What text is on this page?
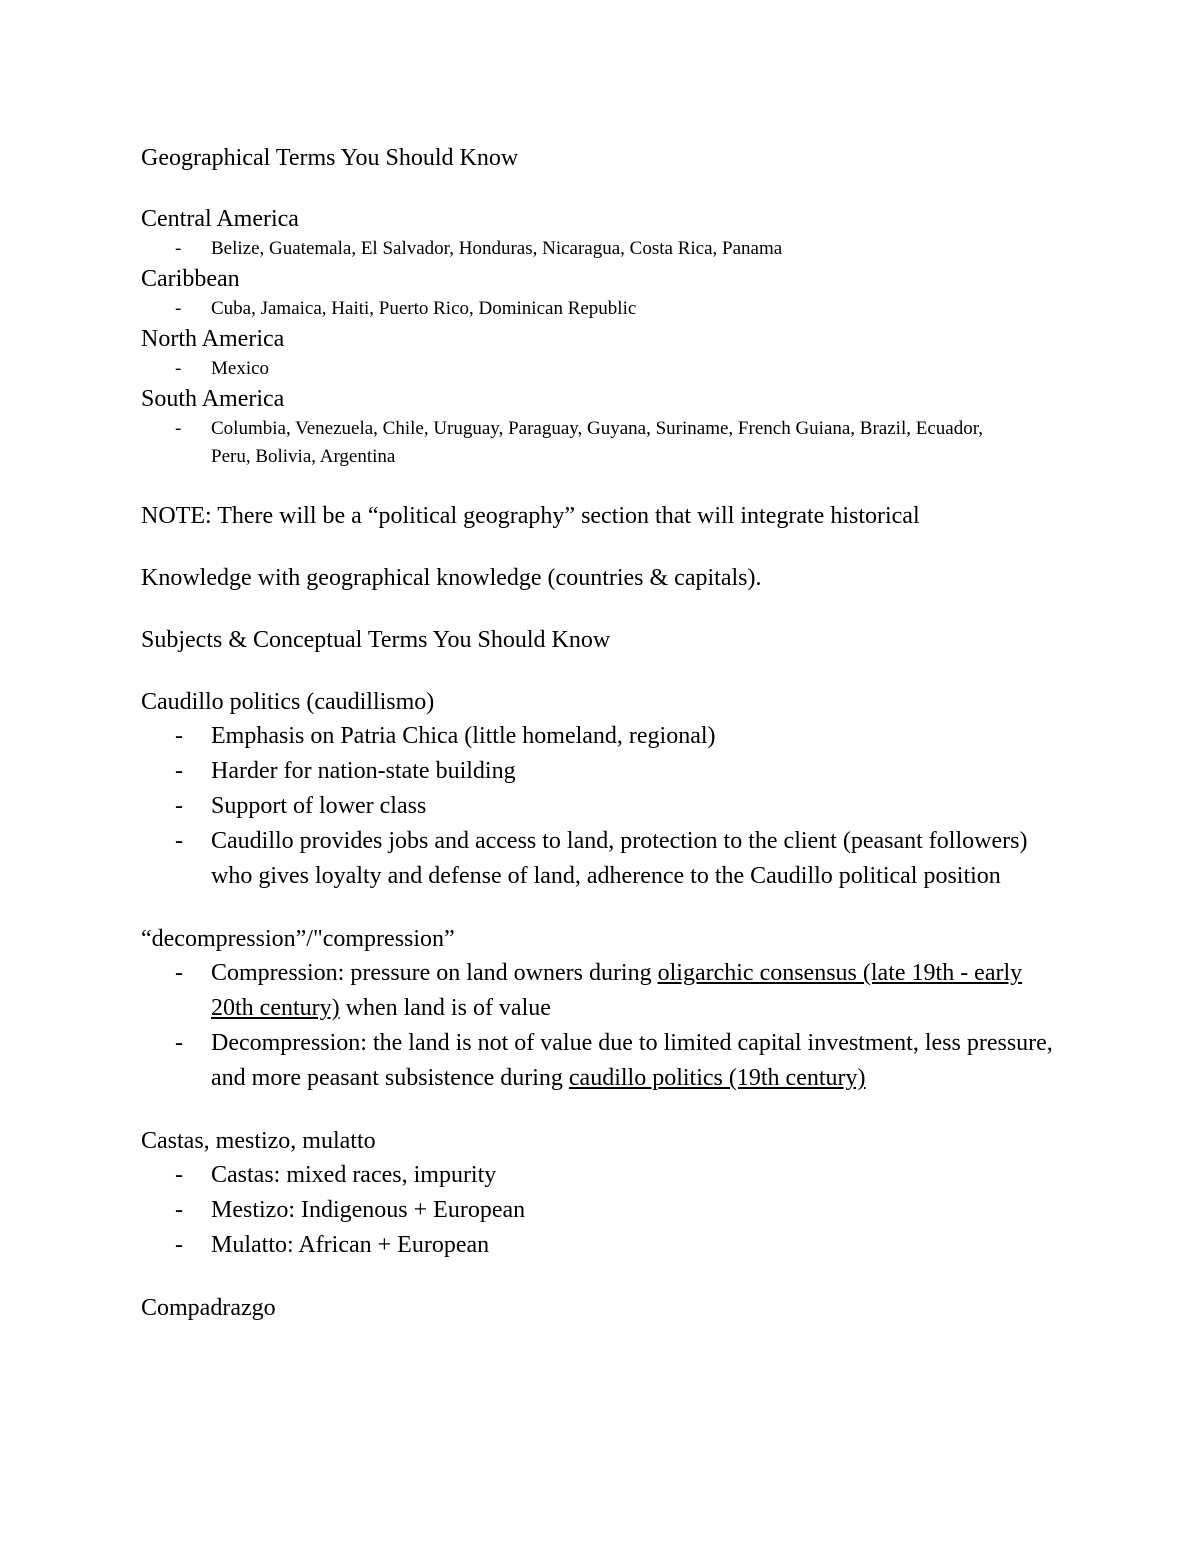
Geographical Terms You Should Know
Central America
- Belize, Guatemala, El Salvador, Honduras, Nicaragua, Costa Rica, Panama
Caribbean
- Cuba, Jamaica, Haiti, Puerto Rico, Dominican Republic
North America
- Mexico
South America
- Columbia, Venezuela, Chile, Uruguay, Paraguay, Guyana, Suriname, French Guiana, Brazil, Ecuador, Peru, Bolivia, Argentina
NOTE: There will be a “political geography” section that will integrate historical
Knowledge with geographical knowledge (countries & capitals).
Subjects & Conceptual Terms You Should Know
Caudillo politics (caudillismo)
- Emphasis on Patria Chica (little homeland, regional)
- Harder for nation-state building
- Support of lower class
- Caudillo provides jobs and access to land, protection to the client (peasant followers) who gives loyalty and defense of land, adherence to the Caudillo political position
“decompression”/"compression”
- Compression: pressure on land owners during oligarchic consensus (late 19th - early 20th century) when land is of value
- Decompression: the land is not of value due to limited capital investment, less pressure, and more peasant subsistence during caudillo politics (19th century)
Castas, mestizo, mulatto
- Castas: mixed races, impurity
- Mestizo: Indigenous + European
- Mulatto: African + European
Compadrazgo
